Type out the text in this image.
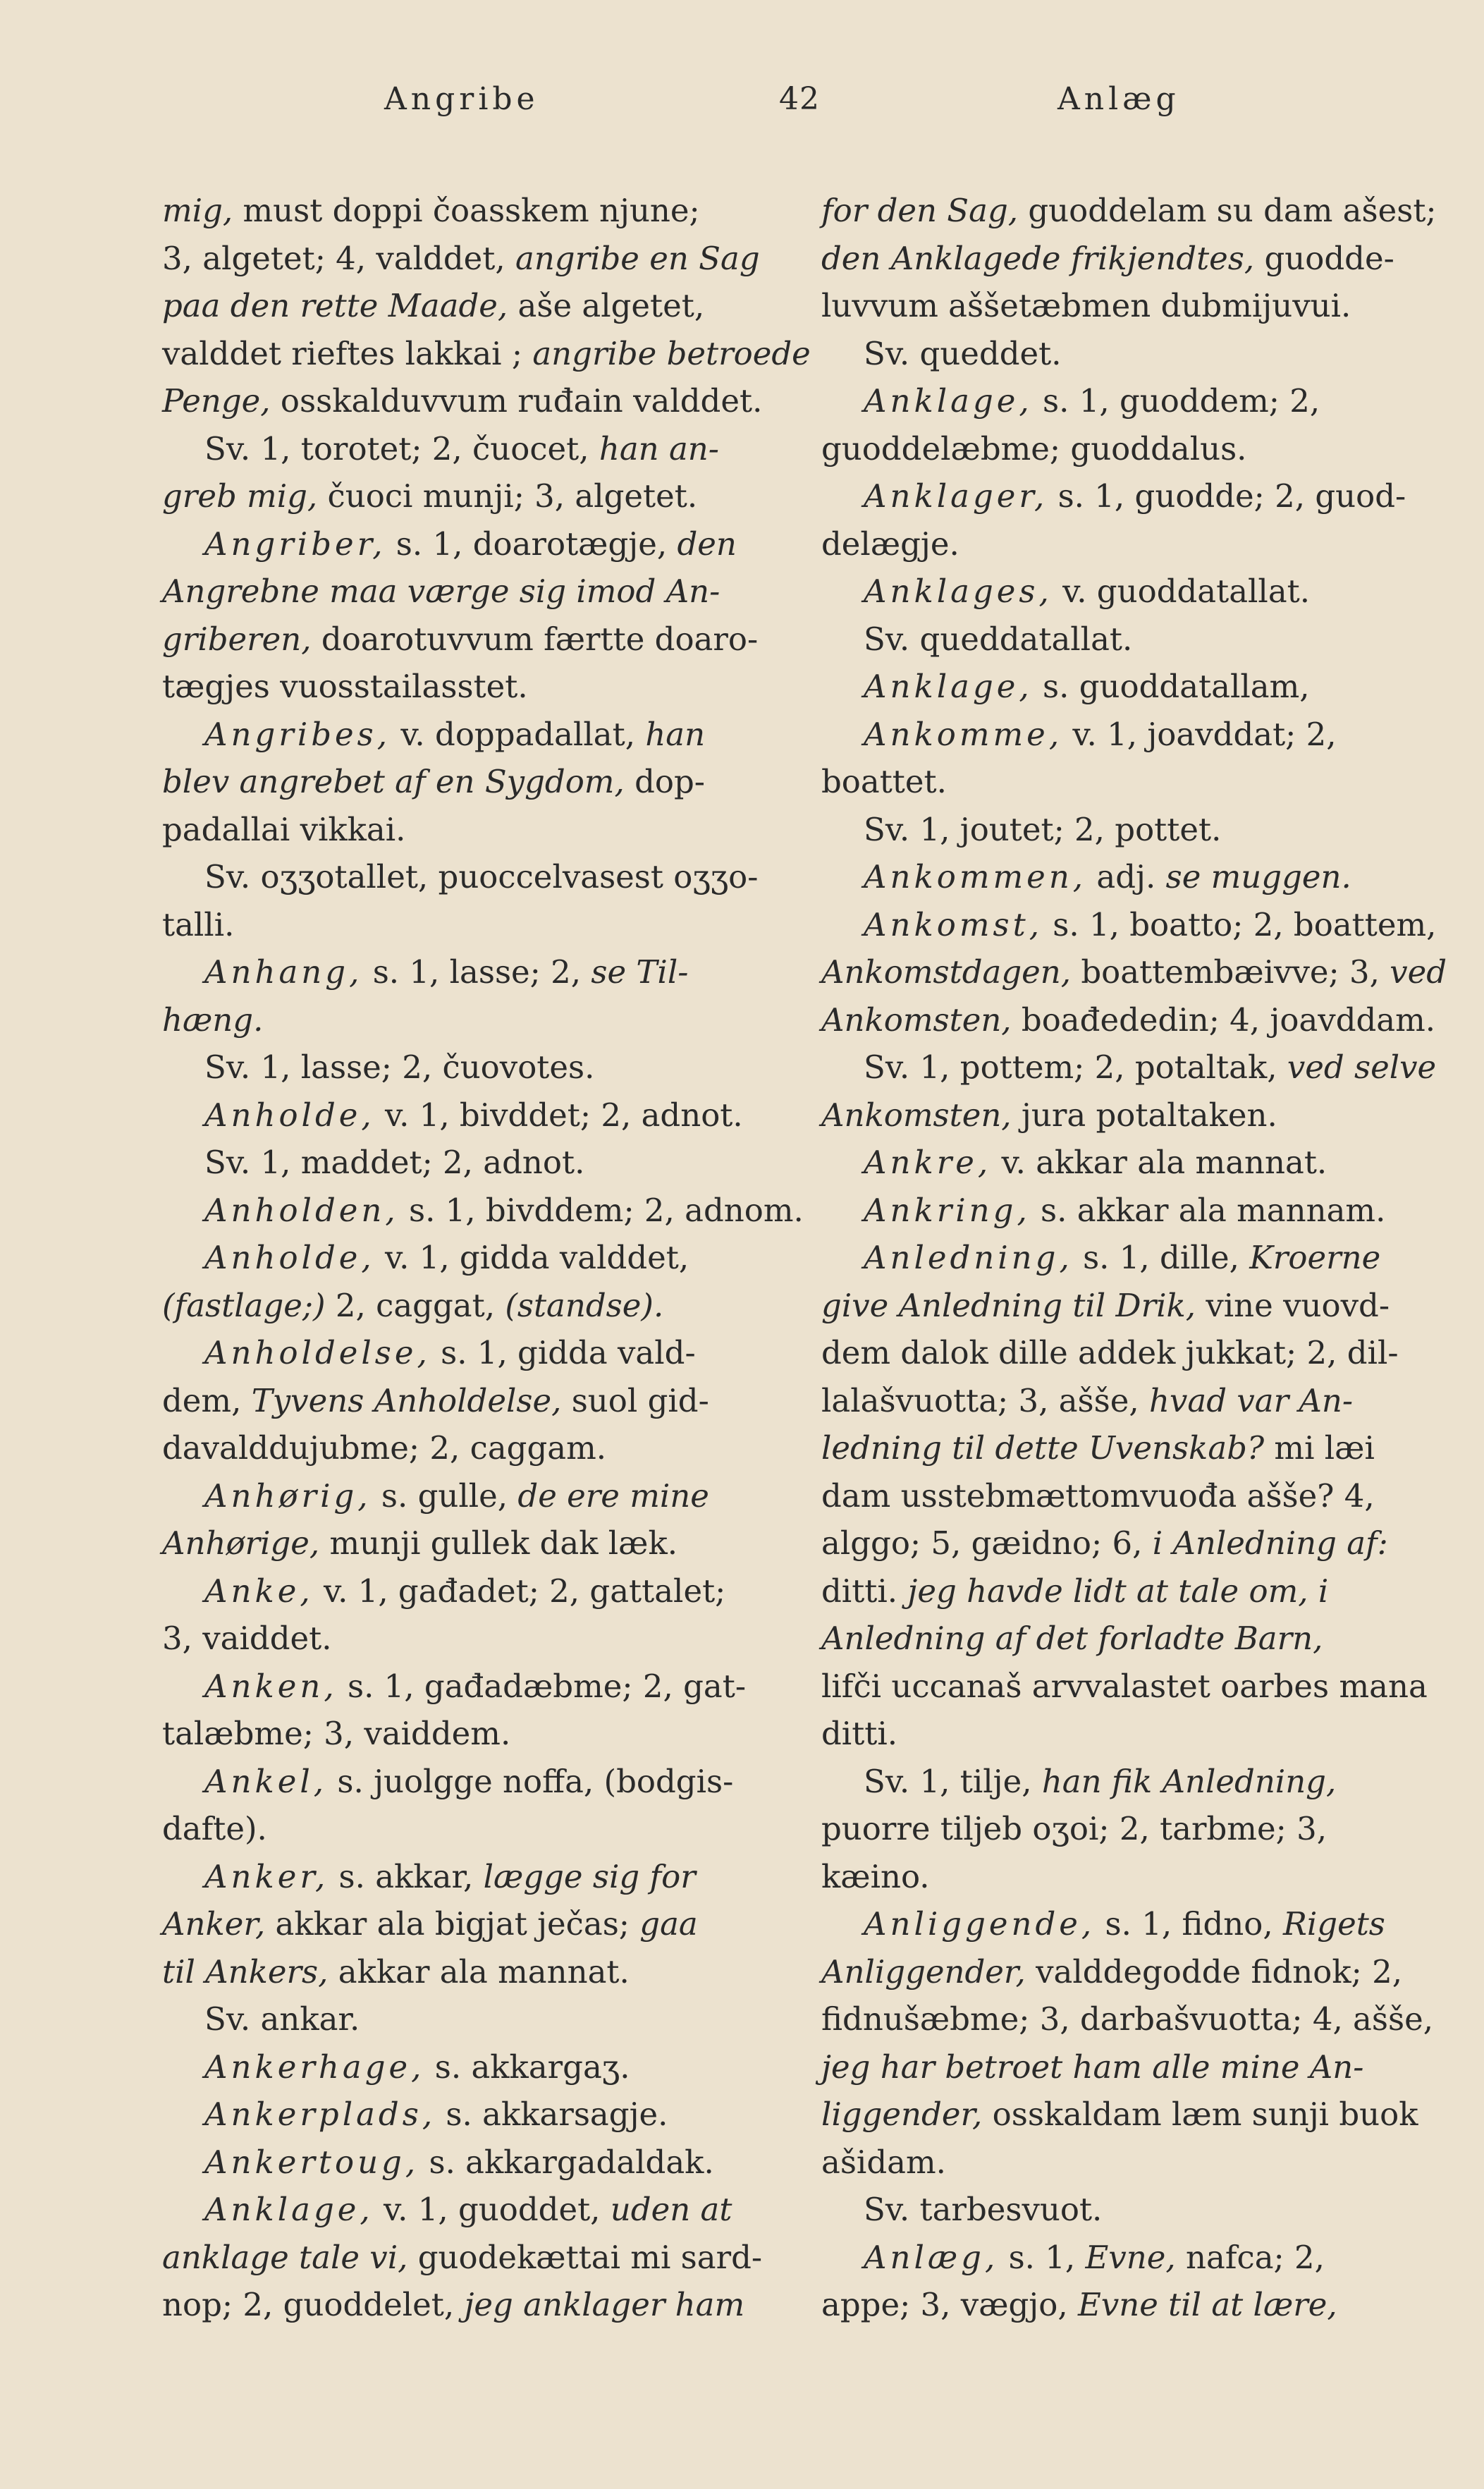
Angribe	42	Anlæg
mig, must doppi čoasskem njune;
3, algetet; 4, valddet, angribe en Sag
paa den rette Maade, aše algetet,
valddet rieftes lakkai ; angribe betroede
Penge, osskalduvvum ruđain valddet.
Sv. 1, torotet; 2, čuocet, han an-
greb mig, čuoci munji; 3, algetet.
Angriber, s. 1, doarotægje, den
Angrebne maa værge sig imod An-
griberen, doarotuvvum færtte doaro-
tægjes vuosstailasstet.
Angribes, v. doppadallat, han
blev angrebet af en Sygdom, dop-
padallai vikkai.
Sv. oʒʒotallet, puoccelvasest oʒʒo-
talli.
Anhang, s. 1, lasse; 2, se Til-
hæng.
Sv. 1, lasse; 2, čuovotes.
Anholde, v. 1, bivddet; 2, adnot.
Sv. 1, maddet; 2, adnot.
Anholden, s. 1, bivddem; 2, adnom.
Anholde, v. 1, gidda valddet,
(fastlage;) 2, caggat, (standse).
Anholdelse, s. 1, gidda vald-
dem, Tyvens Anholdelse, suol gid-
davalddujubme; 2, caggam.
Anhørig, s. gulle, de ere mine
Anhørige, munji gullek dak læk.
Anke, v. 1, gađadet; 2, gattalet;
3, vaiddet.
Anken, s. 1, gađadæbme; 2, gat-
talæbme; 3, vaiddem.
Ankel, s. juolgge noffa, (bodgis-
dafte).
Anker, s. akkar, lægge sig for
Anker, akkar ala bigjat ječas; gaa
til Ankers, akkar ala mannat.
Sv. ankar.
Ankerhage, s. akkargaʒ.
Ankerplads, s. akkarsagje.
Ankertoug, s. akkargadaldak.
Anklage, v. 1, guoddet, uden at
anklage tale vi, guodekættai mi sard-
nop; 2, guoddelet, jeg anklager ham
for den Sag, guoddelam su dam ašest;
den Anklagede frikjendtes, guodde-
luvvum aššetæbmen dubmijuvui.
Sv. queddet.
Anklage, s. 1, guoddem; 2,
guoddelæbme; guoddalus.
Anklager, s. 1, guodde; 2, guod-
delægje.
Anklages, v. guoddatallat.
Sv. queddatallat.
Anklage, s. guoddatallam,
Ankomme, v. 1, joavddat; 2,
boattet.
Sv. 1, joutet; 2, pottet.
Ankommen, adj. se muggen.
Ankomst, s. 1, boatto; 2, boattem,
Ankomstdagen, boattembæivve; 3, ved
Ankomsten, boađededin; 4, joavddam.
Sv. 1, pottem; 2, potaltak, ved selve
Ankomsten, jura potaltaken.
Ankre, v. akkar ala mannat.
Ankring, s. akkar ala mannam.
Anledning, s. 1, dille, Kroerne
give Anledning til Drik, vine vuovd-
dem dalok dille addek jukkat; 2, dil-
lalašvuotta; 3, ašše, hvad var An-
ledning til dette Uvenskab? mi læi
dam usstebmættomvuođa ašše? 4,
alggo; 5, gæidno; 6, i Anledning af:
ditti. jeg havde lidt at tale om, i
Anledning af det forladte Barn,
lifči uccanaš arvvalastet oarbes mana
ditti.
Sv. 1, tilje, han fik Anledning,
puorre tiljeb oʒoi; 2, tarbme; 3,
kæino.
Anliggende, s. 1, fidno, Rigets
Anliggender, valddegodde fidnok; 2,
fidnušæbme; 3, darbašvuotta; 4, ašše,
jeg har betroet ham alle mine An-
liggender, osskaldam læm sunji buok
ašidam.
Sv. tarbesvuot.
Anlæg, s. 1, Evne, nafca; 2,
appe; 3, vægjo, Evne til at lære,
